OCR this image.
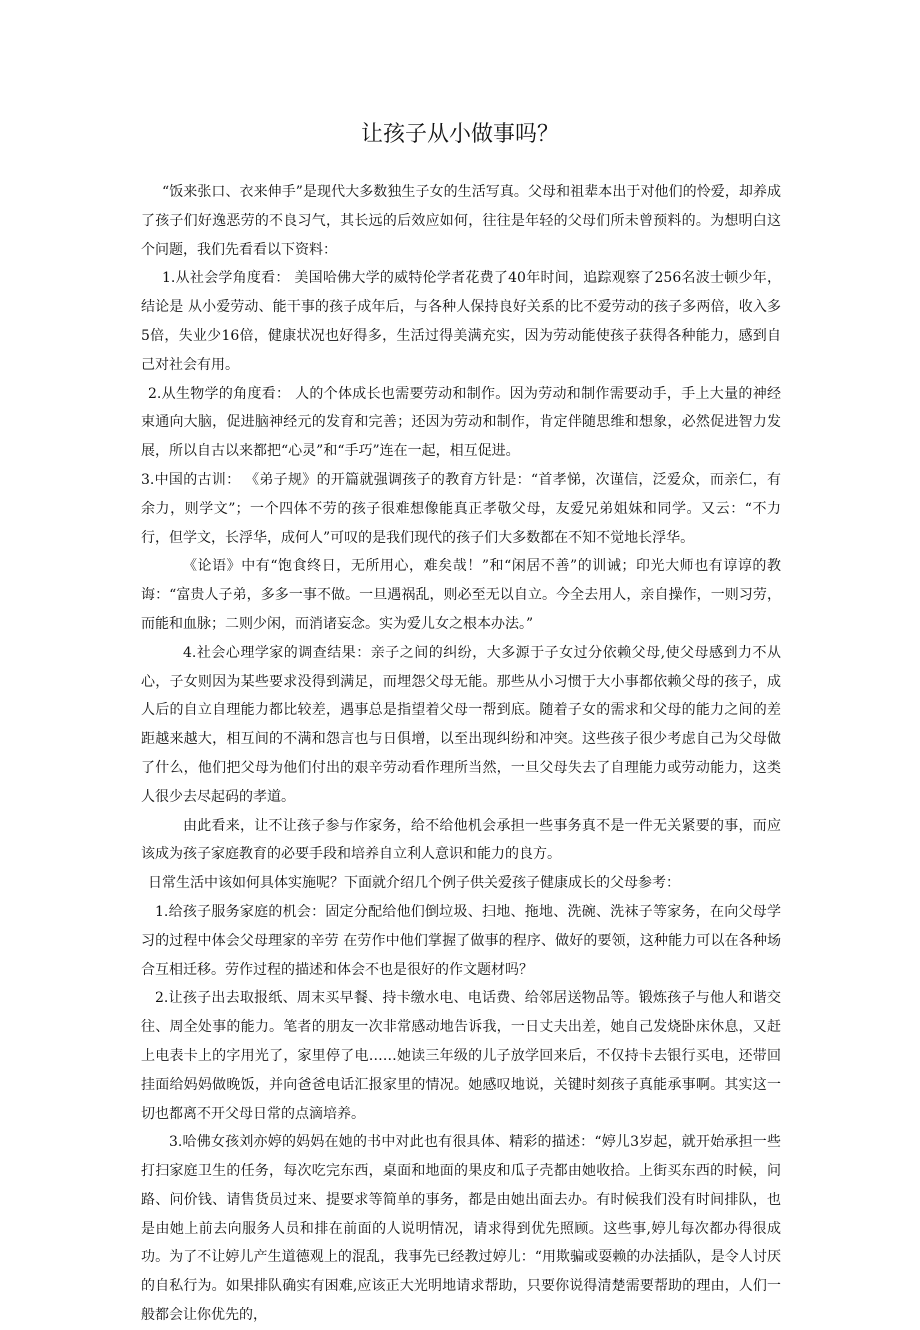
让孩子从小做事吗？

“饭来张口、衣来伸手”是现代大多数独生子女的生活写真。父母和祖辈本出于对他们的怜爱，却养成了孩子们好逸恶劳的不良习气，其长远的后效应如何，往往是年轻的父母们所未曾预料的。为想明白这个问题，我们先看看以下资料：

1.从社会学角度看： 美国哈佛大学的威特伦学者花费了40年时间，追踪观察了256名波士顿少年，结论是 从小爱劳动、能干事的孩子成年后，与各种人保持良好关系的比不爱劳动的孩子多两倍，收入多5倍，失业少16倍，健康状况也好得多，生活过得美满充实，因为劳动能使孩子获得各种能力，感到自己对社会有用。

2.从生物学的角度看： 人的个体成长也需要劳动和制作。因为劳动和制作需要动手，手上大量的神经束通向大脑，促进脑神经元的发育和完善；还因为劳动和制作，肯定伴随思维和想象，必然促进智力发展，所以自古以来都把“心灵”和“手巧”连在一起，相互促进。

3.中国的古训： 《弟子规》的开篇就强调孩子的教育方针是：“首孝悌，次谨信，泛爱众，而亲仁，有余力，则学文”；一个四体不劳的孩子很难想像能真正孝敬父母，友爱兄弟姐妹和同学。又云：“不力行，但学文，长浮华，成何人”可叹的是我们现代的孩子们大多数都在不知不觉地长浮华。

《论语》中有“饱食终日，无所用心，难矣哉！”和“闲居不善”的训诫；印光大师也有谆谆的教诲：“富贵人子弟，多多一事不做。一旦遇祸乱，则必至无以自立。今全去用人，亲自操作，一则习劳，而能和血脉；二则少闲，而消诸妄念。实为爱儿女之根本办法。”

4.社会心理学家的调查结果：亲子之间的纠纷，大多源于子女过分依赖父母,使父母感到力不从心，子女则因为某些要求没得到满足，而埋怨父母无能。那些从小习惯于大小事都依赖父母的孩子，成人后的自立自理能力都比较差，遇事总是指望着父母一帮到底。随着子女的需求和父母的能力之间的差距越来越大，相互间的不满和怨言也与日俱增，以至出现纠纷和冲突。这些孩子很少考虑自己为父母做了什么，他们把父母为他们付出的艰辛劳动看作理所当然，一旦父母失去了自理能力或劳动能力，这类人很少去尽起码的孝道。

由此看来，让不让孩子参与作家务，给不给他机会承担一些事务真不是一件无关紧要的事，而应该成为孩子家庭教育的必要手段和培养自立利人意识和能力的良方。

日常生活中该如何具体实施呢？下面就介绍几个例子供关爱孩子健康成长的父母参考：

1.给孩子服务家庭的机会：固定分配给他们倒垃圾、扫地、拖地、洗碗、洗袜子等家务，在向父母学习的过程中体会父母理家的辛劳 在劳作中他们掌握了做事的程序、做好的要领，这种能力可以在各种场合互相迁移。劳作过程的描述和体会不也是很好的作文题材吗？

2.让孩子出去取报纸、周末买早餐、持卡缴水电、电话费、给邻居送物品等。锻炼孩子与他人和谐交往、周全处事的能力。笔者的朋友一次非常感动地告诉我，一日丈夫出差，她自己发烧卧床休息，又赶上电表卡上的字用光了，家里停了电……她读三年级的儿子放学回来后，不仅持卡去银行买电，还带回挂面给妈妈做晚饭，并向爸爸电话汇报家里的情况。她感叹地说，关键时刻孩子真能承事啊。其实这一切也都离不开父母日常的点滴培养。

3.哈佛女孩刘亦婷的妈妈在她的书中对此也有很具体、精彩的描述：“婷儿3岁起，就开始承担一些打扫家庭卫生的任务，每次吃完东西，桌面和地面的果皮和瓜子壳都由她收拾。上街买东西的时候，问路、问价钱、请售货员过来、提要求等简单的事务，都是由她出面去办。有时候我们没有时间排队，也是由她上前去向服务人员和排在前面的人说明情况，请求得到优先照顾。这些事,婷儿每次都办得很成功。为了不让婷儿产生道德观上的混乱，我事先已经教过婷儿：“用欺骗或耍赖的办法插队，是令人讨厌的自私行为。如果排队确实有困难,应该正大光明地请求帮助，只要你说得清楚需要帮助的理由，人们一般都会让你优先的，
